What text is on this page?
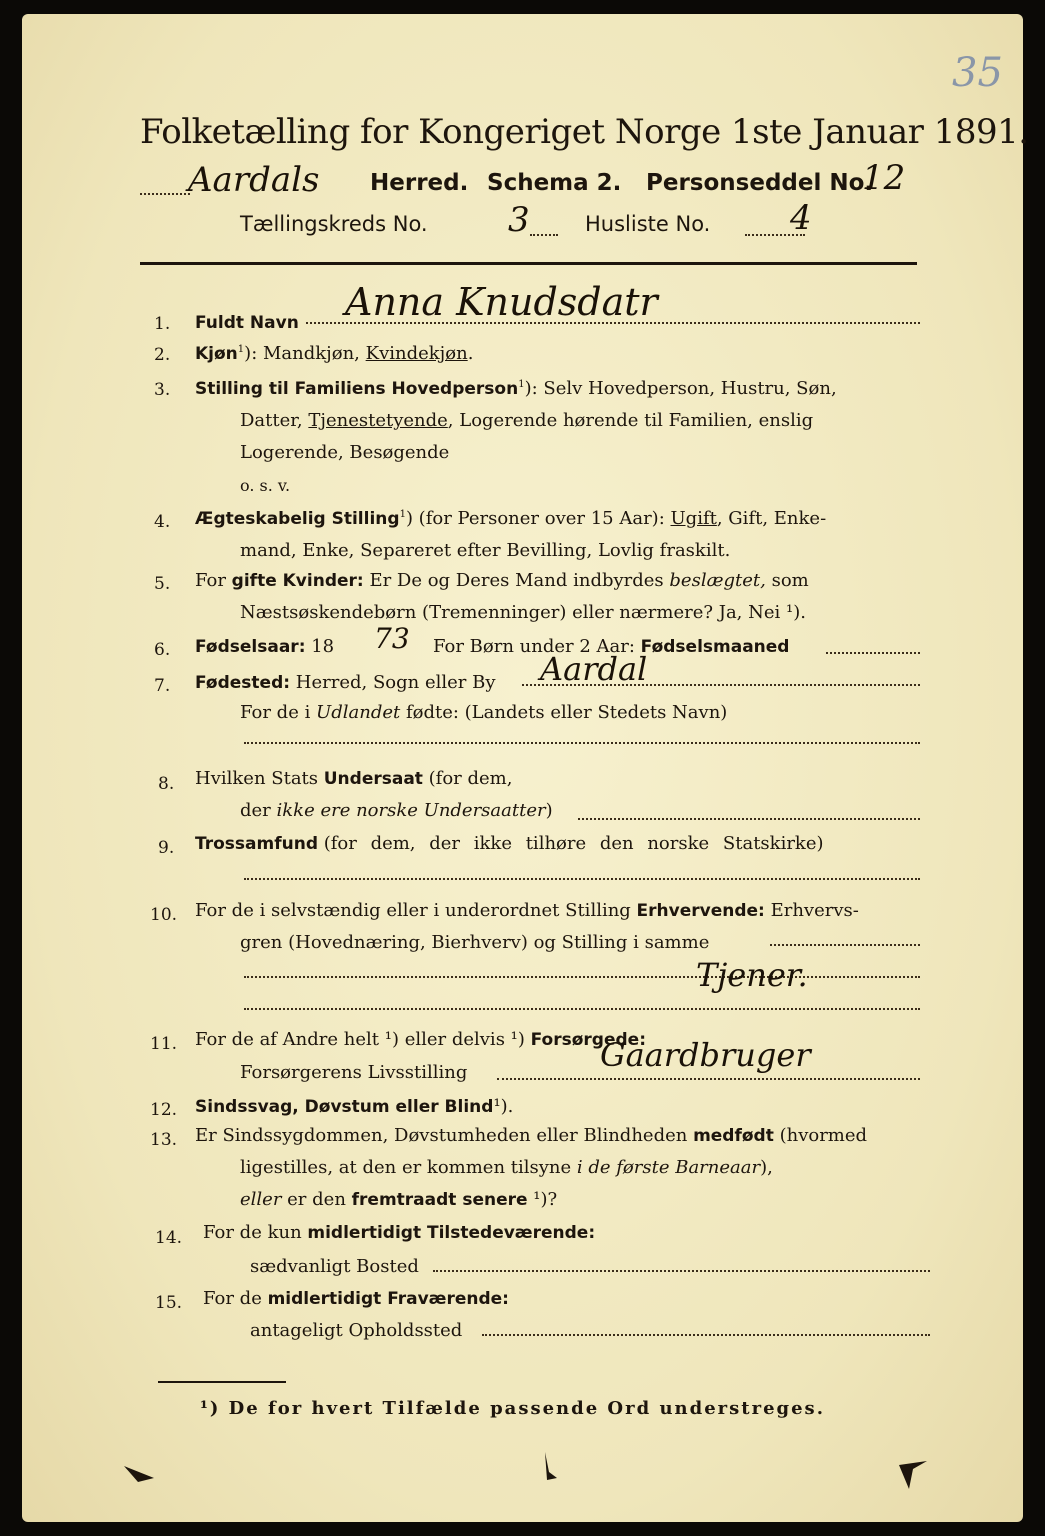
35
Folketælling for Kongeriget Norge 1ste Januar 1891.
Aardals Herred. Schema 2. Personseddel No.
12
Tællingskreds No. 3	Husliste No. 4
1. Fuldt Navn Anna Knudsdatr
2. Kjøn$^1$): Mandkjøn, Kvindekjøn.
3. Stilling til Familiens Hovedperson$^1$): Selv Hovedperson, Hustru, Søn,
Datter, Tjenestetyende, Logerende hørende til Familien, enslig
Logerende, Besøgende
o. s. v.
4. Ægteskabelig Stilling$^1$) (for Personer over 15 Aar): Ugift, Gift, Enke-
mand, Enke, Separeret efter Bevilling, Lovlig fraskilt.
5. For gifte Kvinder: Er De og Deres Mand indbyrdes beslægtet, som
Næstsøskendebørn (Tremenninger) eller nærmere? Ja, Nei ¹).
6. Fødselsaar: 18 73 For Børn under 2 Aar: Fødselsmaaned
7. Fødested: Herred, Sogn eller By Aardal
For de i Udlandet fødte: (Landets eller Stedets Navn)
8. Hvilken Stats Undersaat (for dem,
der ikke ere norske Undersaatter)
9. Trossamfund (for dem, der ikke tilhøre den norske Statskirke)
10. For de i selvstændig eller i underordnet Stilling Erhvervende: Erhvervs-
gren (Hovednæring, Bierhverv) og Stilling i samme
Tjener.
11. For de af Andre helt ¹) eller delvis ¹) Forsørgede:
Forsørgerens Livsstilling	Gaardbruger
12. Sindssvag, Døvstum eller Blind¹).
13. Er Sindssygdommen, Døvstumheden eller Blindheden medfødt (hvormed
ligestilles, at den er kommen tilsyne i de første Barneaar),
eller er den fremtraadt senere ¹)?
14. For de kun midlertidigt Tilstedeværende:
sædvanligt Bosted
15. For de midlertidigt Fraværende:
antageligt Opholdssted
¹) De for hvert Tilfælde passende Ord understreges.
